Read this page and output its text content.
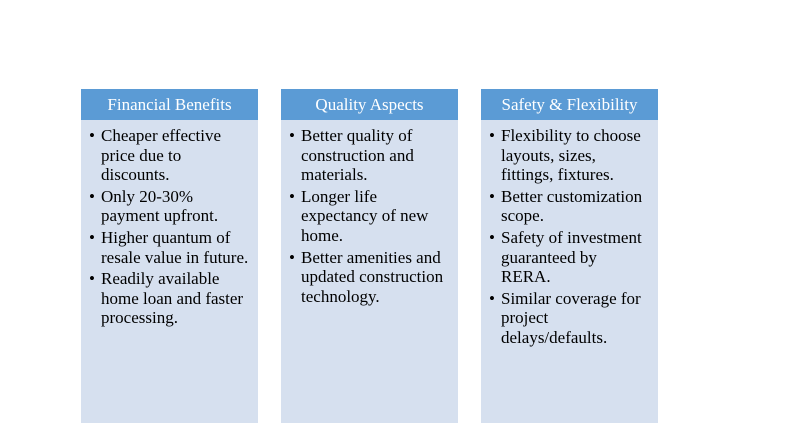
Financial Benefits
• Cheaper effective price due to discounts.
• Only 20-30% payment upfront.
• Higher quantum of resale value in future.
• Readily available home loan and faster processing.
Quality Aspects
• Better quality of construction and materials.
• Longer life expectancy of new home.
• Better amenities and updated construction technology.
Safety & Flexibility
• Flexibility to choose layouts, sizes, fittings, fixtures.
• Better customization scope.
• Safety of investment guaranteed by RERA.
• Similar coverage for project delays/defaults.
